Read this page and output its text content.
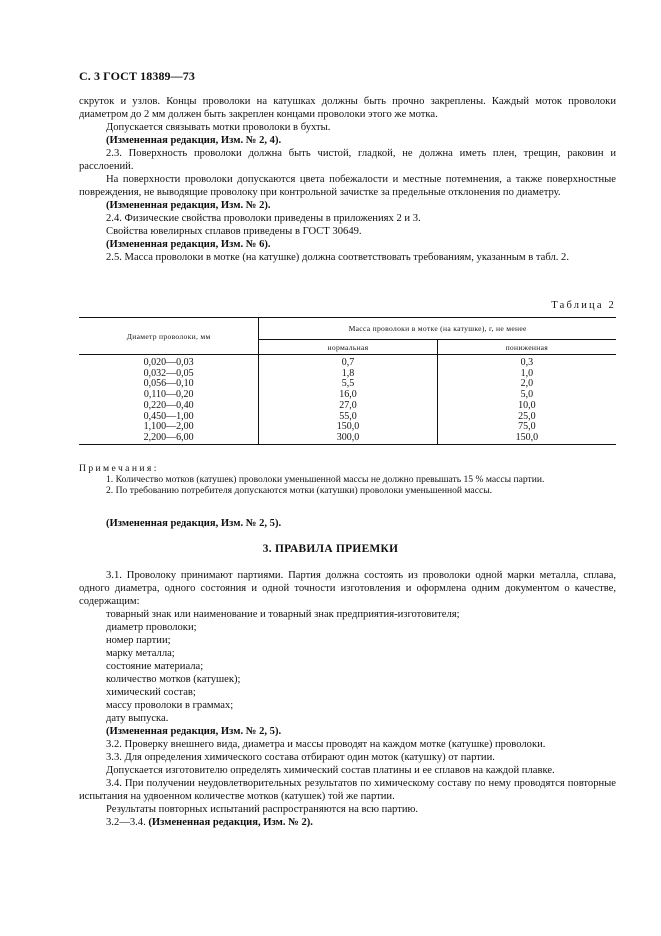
С. 3 ГОСТ 18389—73

скруток и узлов. Концы проволоки на катушках должны быть прочно закреплены. Каждый моток проволоки диаметром до 2 мм должен быть закреплен концами проволоки этого же мотка.

Допускается связывать мотки проволоки в бухты.

(Измененная редакция, Изм. № 2, 4).

2.3. Поверхность проволоки должна быть чистой, гладкой, не должна иметь плен, трещин, раковин и расслоений.

На поверхности проволоки допускаются цвета побежалости и местные потемнения, а также поверхностные повреждения, не выводящие проволоку при контрольной зачистке за предельные отклонения по диаметру.

(Измененная редакция, Изм. № 2).

2.4. Физические свойства проволоки приведены в приложениях 2 и 3.

Свойства ювелирных сплавов приведены в ГОСТ 30649.

(Измененная редакция, Изм. № 6).

2.5. Масса проволоки в мотке (на катушке) должна соответствовать требованиям, указанным в табл. 2.

Таблица 2
Диаметр проволоки, мм	Масса проволоки в мотке (на катушке), г, не менее	
	нормальная	пониженная

0,020—0,03	0,7	0,3
0,032—0,05	1,8	1,0
0,056—0,10	5,5	2,0
0,110—0,20	16,0	5,0
0,220—0,40	27,0	10,0
0,450—1,00	55,0	25,0
1,100—2,00	150,0	75,0
2,200—6,00	300,0	150,0
Примечания:

1. Количество мотков (катушек) проволоки уменьшенной массы не должно превышать 15 % массы партии.

2. По требованию потребителя допускаются мотки (катушки) проволоки уменьшенной массы.

(Измененная редакция, Изм. № 2, 5).

3. ПРАВИЛА ПРИЕМКИ

3.1. Проволоку принимают партиями. Партия должна состоять из проволоки одной марки металла, сплава, одного диаметра, одного состояния и одной точности изготовления и оформлена одним документом о качестве, содержащим:

товарный знак или наименование и товарный знак предприятия-изготовителя;

диаметр проволоки;

номер партии;

марку металла;

состояние материала;

количество мотков (катушек);

химический состав;

массу проволоки в граммах;

дату выпуска.

(Измененная редакция, Изм. № 2, 5).

3.2. Проверку внешнего вида, диаметра и массы проводят на каждом мотке (катушке) проволоки.

3.3. Для определения химического состава отбирают один моток (катушку) от партии.

Допускается изготовителю определять химический состав платины и ее сплавов на каждой плавке.

3.4. При получении неудовлетворительных результатов по химическому составу по нему проводятся повторные испытания на удвоенном количестве мотков (катушек) той же партии.

Результаты повторных испытаний распространяются на всю партию.

3.2—3.4. (Измененная редакция, Изм. № 2).
